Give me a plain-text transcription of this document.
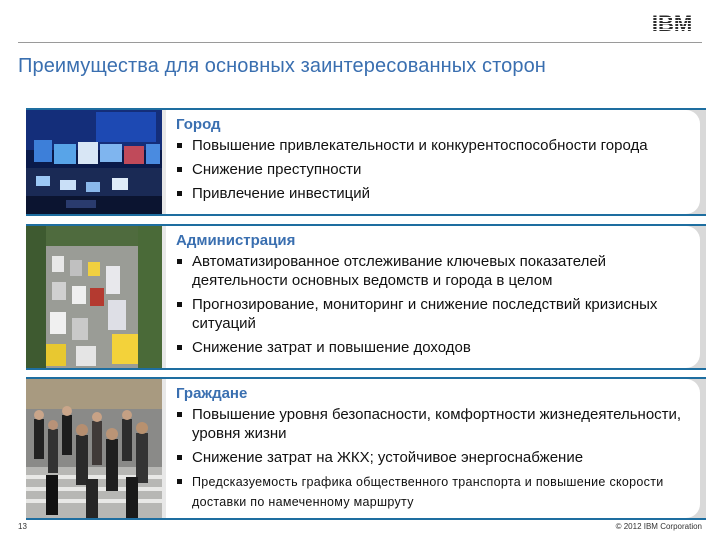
IBM
Преимущества для основных заинтересованных сторон
Город
Повышение привлекательности и конкурентоспособности города
Снижение преступности
Привлечение инвестиций
Администрация
Автоматизированное отслеживание ключевых показателей деятельности основных ведомств и города в целом
Прогнозирование, мониторинг и снижение последствий кризисных ситуаций
Снижение затрат и повышение доходов
Граждане
Повышение уровня безопасности, комфортности жизнедеятельности, уровня жизни
Снижение затрат на ЖКХ; устойчивое энергоснабжение
Предсказуемость графика общественного транспорта и повышение скорости доставки по намеченному маршруту
13	© 2012 IBM Corporation
